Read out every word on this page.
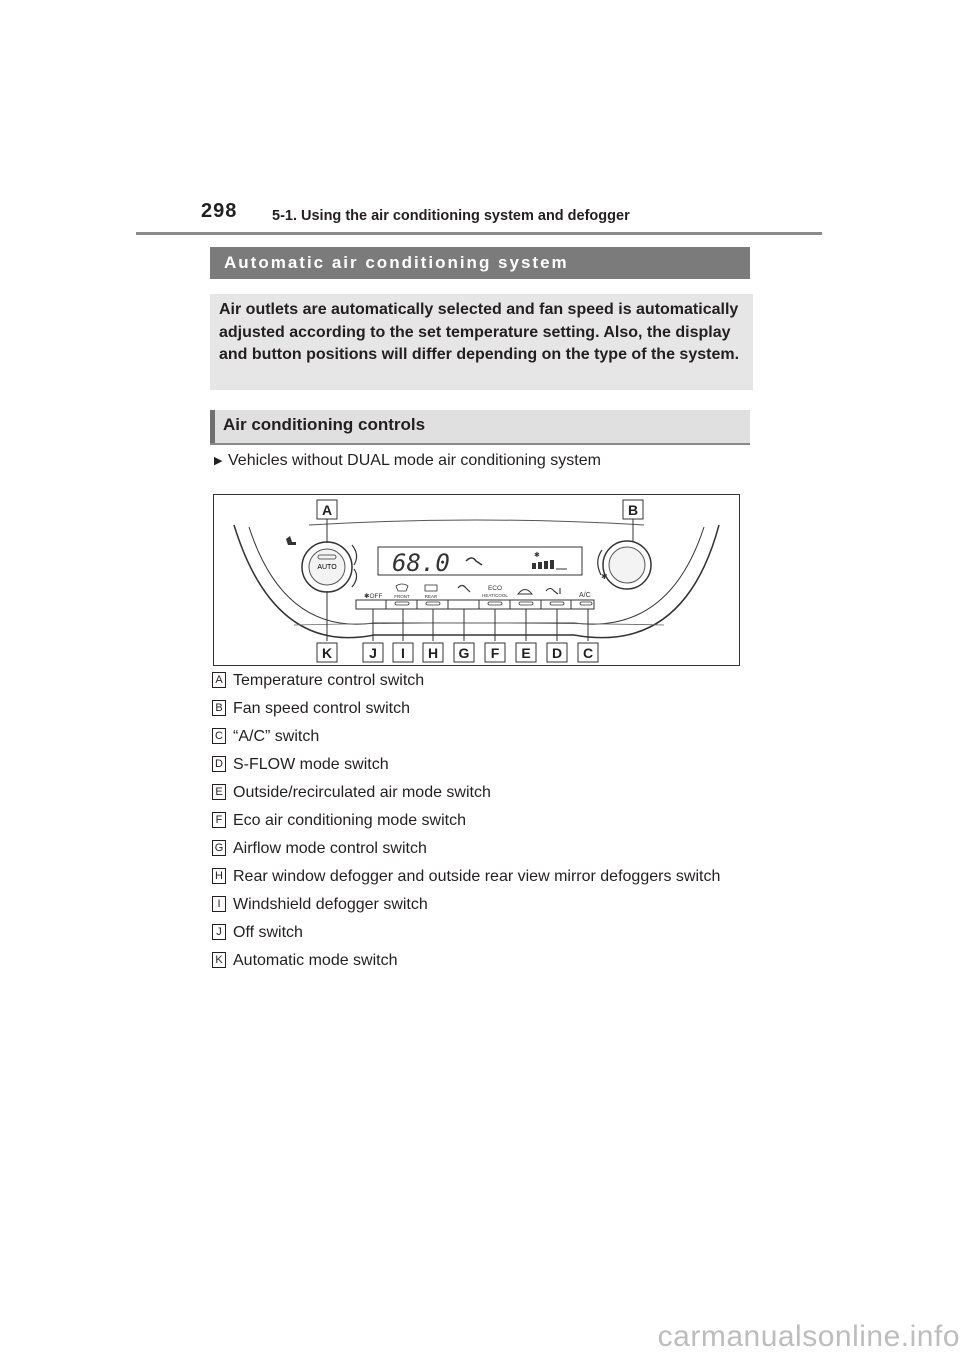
298 5-1. Using the air conditioning system and defogger
Automatic air conditioning system
Air outlets are automatically selected and fan speed is automatically adjusted according to the set temperature setting. Also, the display and button positions will differ depending on the type of the system.
Air conditioning controls
▶ Vehicles without DUAL mode air conditioning system
AUTO
✱
68.0	✱
✱OFF	FRONT	REAR
ECO
HEAT/COOL	A/C
A	B
K	J I H G F E D C
A Temperature control switch
B Fan speed control switch
C “A/C” switch
D S-FLOW mode switch
E Outside/recirculated air mode switch
F Eco air conditioning mode switch
G Airflow mode control switch
H Rear window defogger and outside rear view mirror defoggers switch
I Windshield defogger switch
J Off switch
K Automatic mode switch
carmanualsonline.info
